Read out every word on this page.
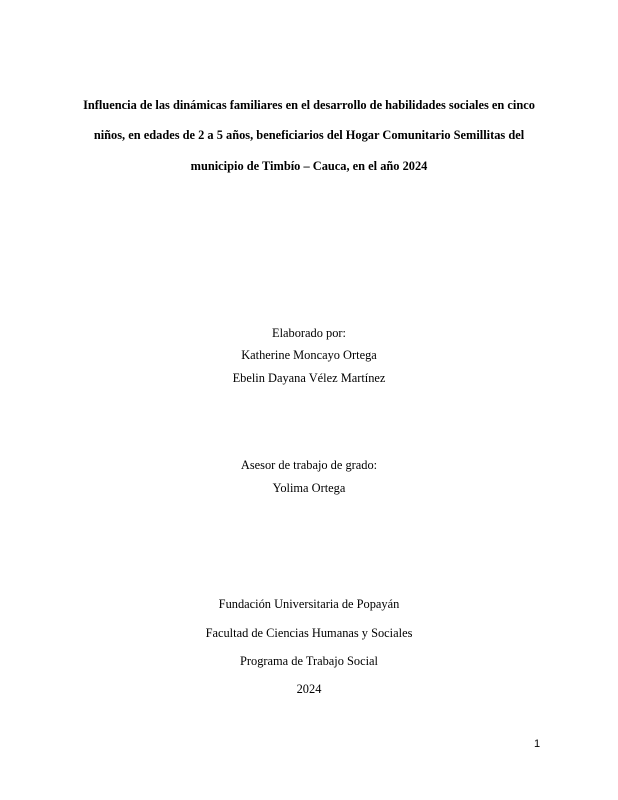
Influencia de las dinámicas familiares en el desarrollo de habilidades sociales en cinco
niños, en edades de 2 a 5 años, beneficiarios del Hogar Comunitario Semillitas del
municipio de Timbío – Cauca, en el año 2024
Elaborado por:
Katherine Moncayo Ortega
Ebelin Dayana Vélez Martínez
Asesor de trabajo de grado:
Yolima Ortega
Fundación Universitaria de Popayán
Facultad de Ciencias Humanas y Sociales
Programa de Trabajo Social
2024
1
